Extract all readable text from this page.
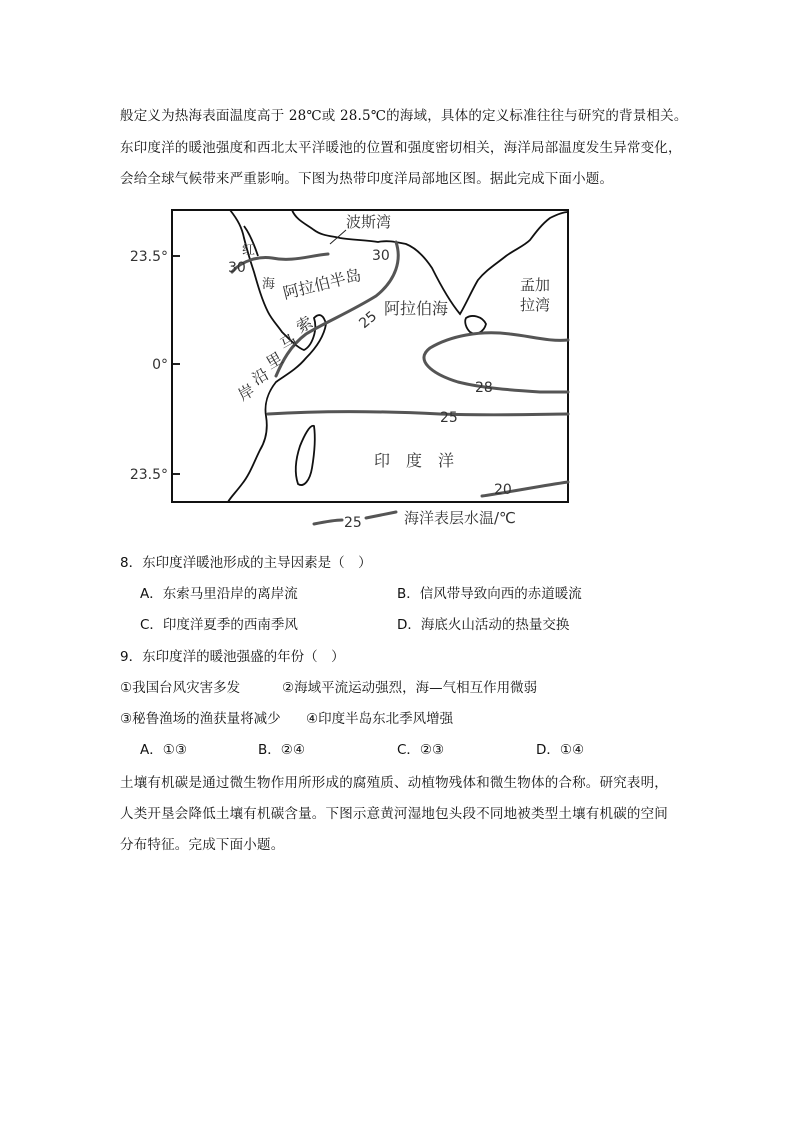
般定义为热海表面温度高于 28℃或 28.5℃的海域，具体的定义标准往往与研究的背景相关。
东印度洋的暖池强度和西北太平洋暖池的位置和强度密切相关，海洋局部温度发生异常变化，
会给全球气候带来严重影响。下图为热带印度洋局部地区图。据此完成下面小题。
23.5°
0°
23.5°
30
30
25
28
25
20
波斯湾
红
海 阿拉伯半岛
阿拉伯海
孟加
拉湾
索
马
里
沿
岸
印　度　洋
25	海洋表层水温/℃
8．东印度洋暖池形成的主导因素是（　）
A．东索马里沿岸的离岸流	B．信风带导致向西的赤道暖流
C．印度洋夏季的西南季风	D．海底火山活动的热量交换
9．东印度洋的暖池强盛的年份（　）
①我国台风灾害多发	②海域平流运动强烈，海—气相互作用微弱
③秘鲁渔场的渔获量将减少 ④印度半岛东北季风增强
A．①③	B．②④	C．②③	D．①④
土壤有机碳是通过微生物作用所形成的腐殖质、动植物残体和微生物体的合称。研究表明，
人类开垦会降低土壤有机碳含量。下图示意黄河湿地包头段不同地被类型土壤有机碳的空间
分布特征。完成下面小题。
